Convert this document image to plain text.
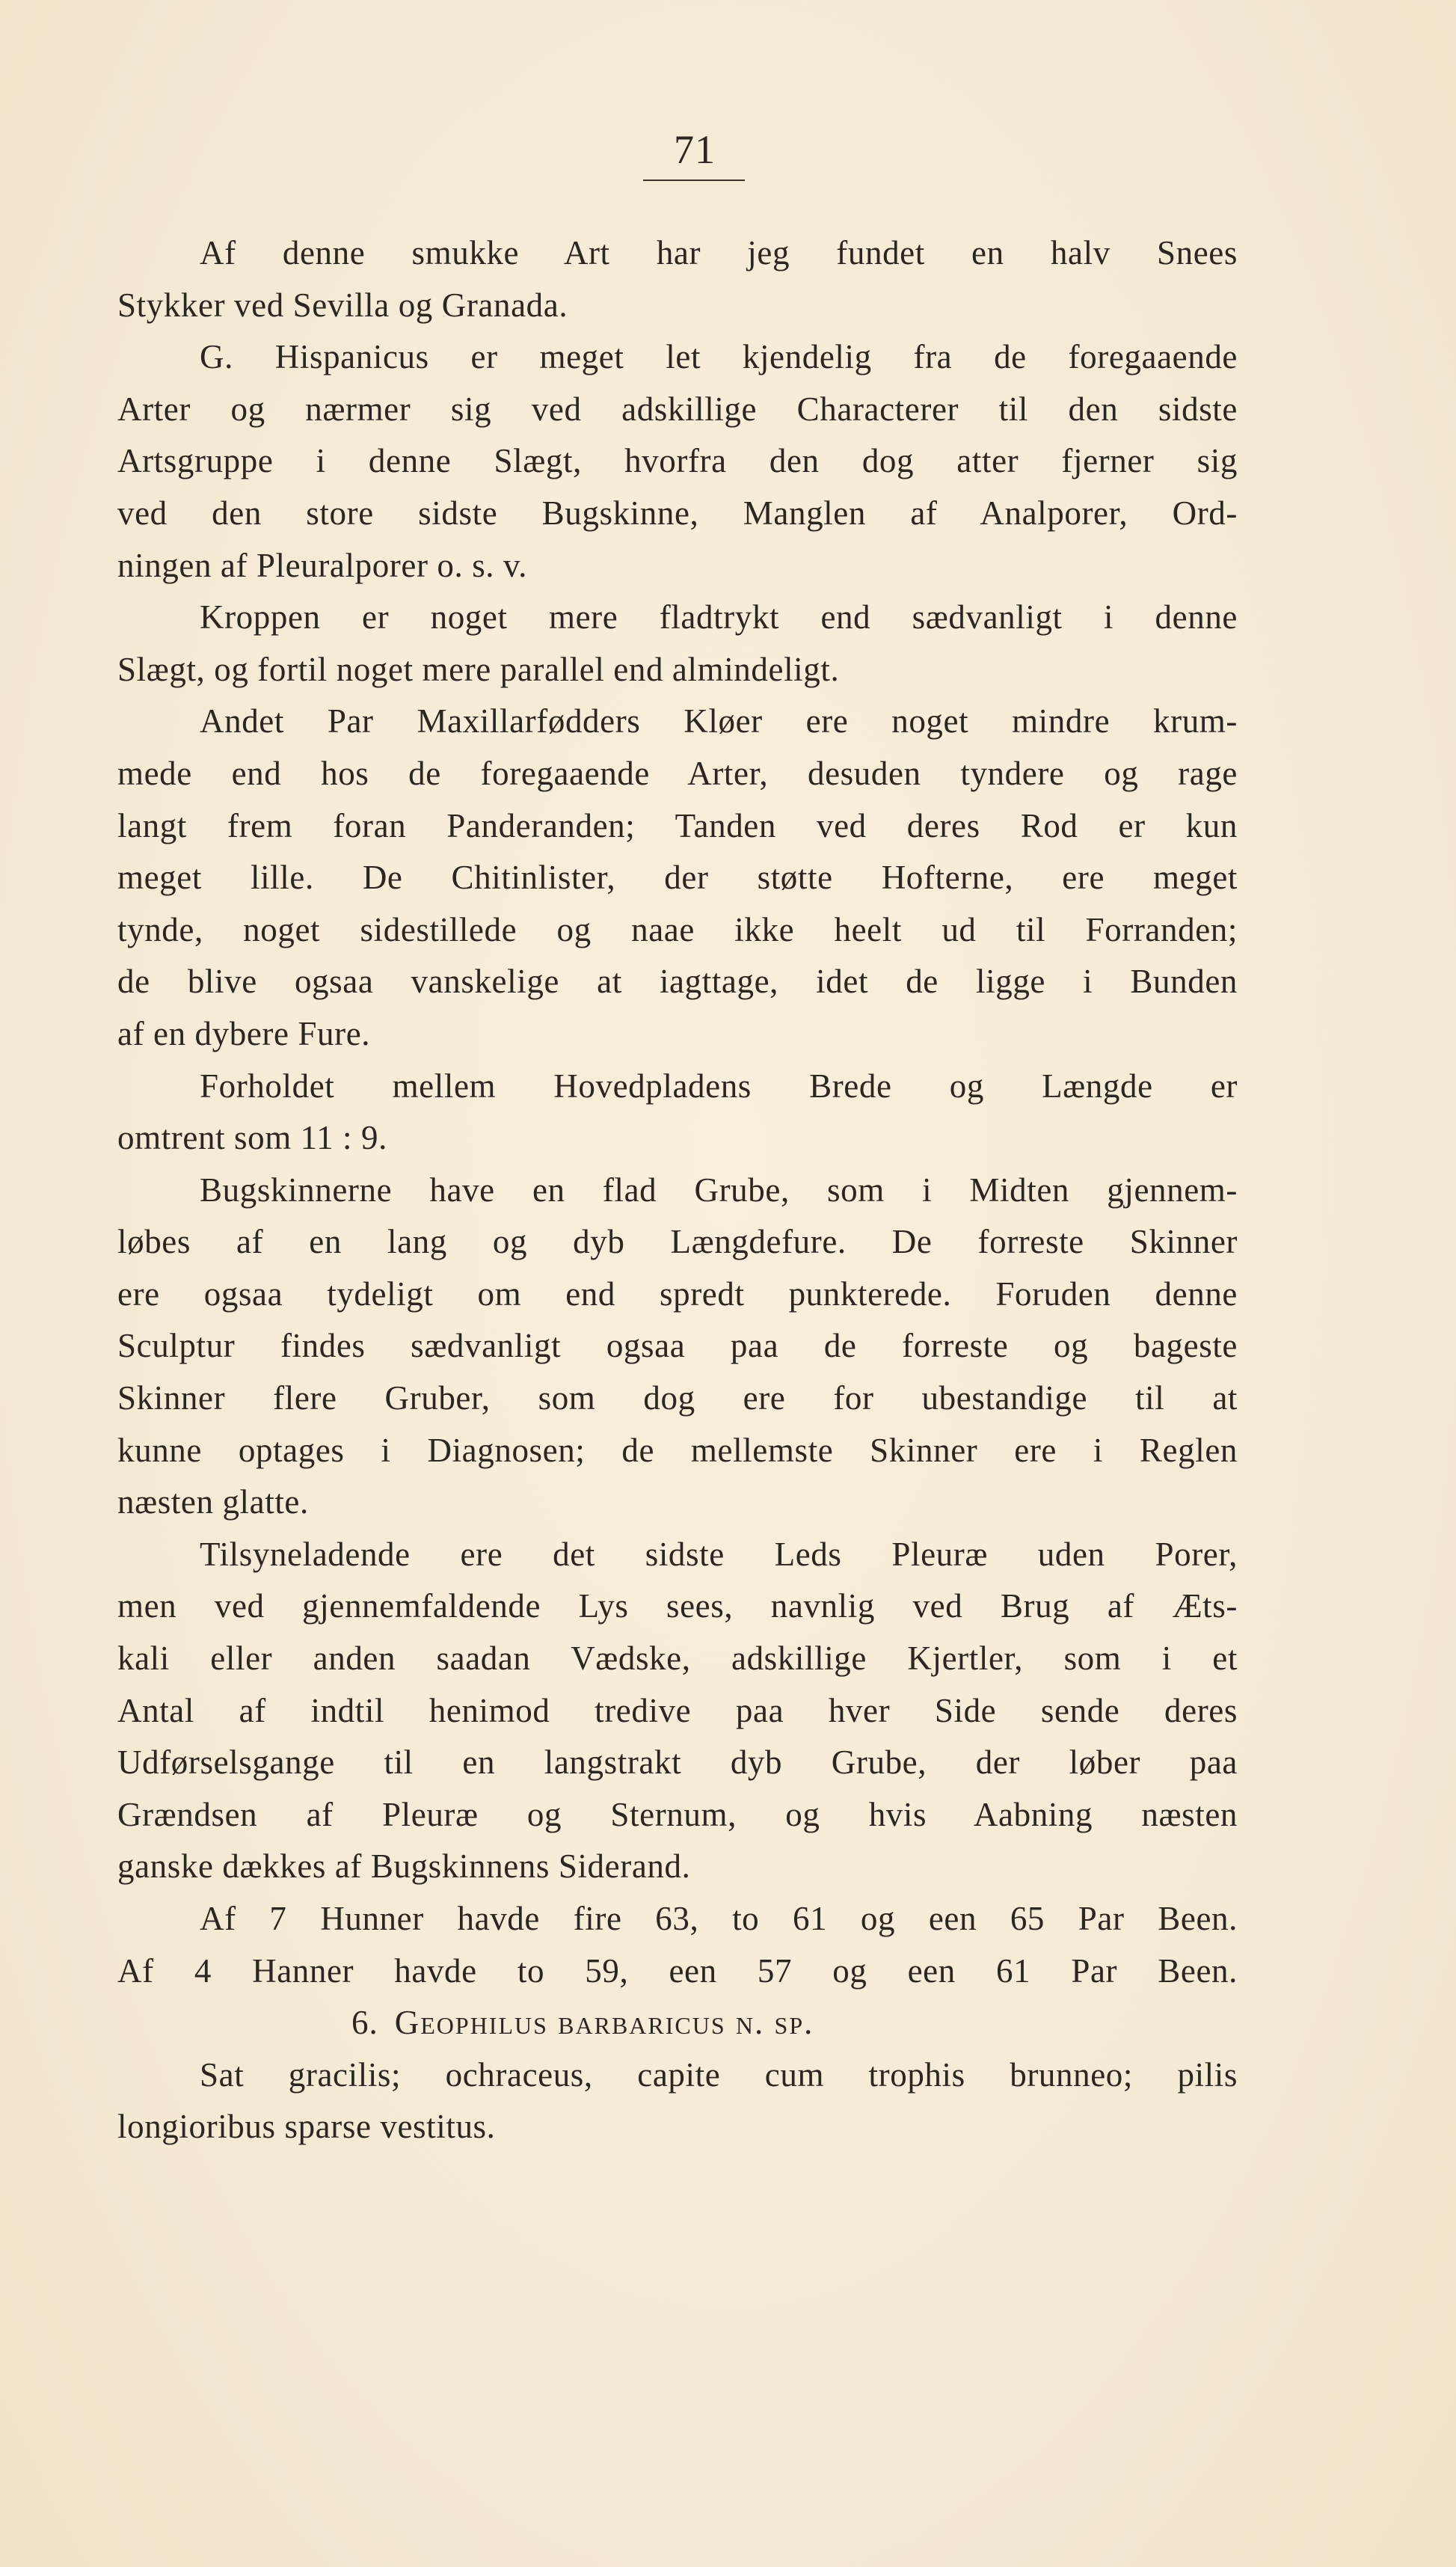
71
Af denne smukke Art har jeg fundet en halv Snees
Stykker ved Sevilla og Granada.
G. Hispanicus er meget let kjendelig fra de foregaaende
Arter og nærmer sig ved adskillige Characterer til den sidste
Artsgruppe i denne Slægt, hvorfra den dog atter fjerner sig
ved den store sidste Bugskinne, Manglen af Analporer, Ord-
ningen af Pleuralporer o. s. v.
Kroppen er noget mere fladtrykt end sædvanligt i denne
Slægt, og fortil noget mere parallel end almindeligt.
Andet Par Maxillarfødders Kløer ere noget mindre krum-
mede end hos de foregaaende Arter, desuden tyndere og rage
langt frem foran Panderanden; Tanden ved deres Rod er kun
meget lille. De Chitinlister, der støtte Hofterne, ere meget
tynde, noget sidestillede og naae ikke heelt ud til Forranden;
de blive ogsaa vanskelige at iagttage, idet de ligge i Bunden
af en dybere Fure.
Forholdet mellem Hovedpladens Brede og Længde er
omtrent som 11 : 9.
Bugskinnerne have en flad Grube, som i Midten gjennem-
løbes af en lang og dyb Længdefure. De forreste Skinner
ere ogsaa tydeligt om end spredt punkterede. Foruden denne
Sculptur findes sædvanligt ogsaa paa de forreste og bageste
Skinner flere Gruber, som dog ere for ubestandige til at
kunne optages i Diagnosen; de mellemste Skinner ere i Reglen
næsten glatte.
Tilsyneladende ere det sidste Leds Pleuræ uden Porer,
men ved gjennemfaldende Lys sees, navnlig ved Brug af Æts-
kali eller anden saadan Vædske, adskillige Kjertler, som i et
Antal af indtil henimod tredive paa hver Side sende deres
Udførselsgange til en langstrakt dyb Grube, der løber paa
Grændsen af Pleuræ og Sternum, og hvis Aabning næsten
ganske dækkes af Bugskinnens Siderand.
Af 7 Hunner havde fire 63, to 61 og een 65 Par Been.
Af 4 Hanner havde to 59, een 57 og een 61 Par Been.
6. Geophilus barbaricus n. sp.
Sat gracilis; ochraceus, capite cum trophis brunneo; pilis
longioribus sparse vestitus.
